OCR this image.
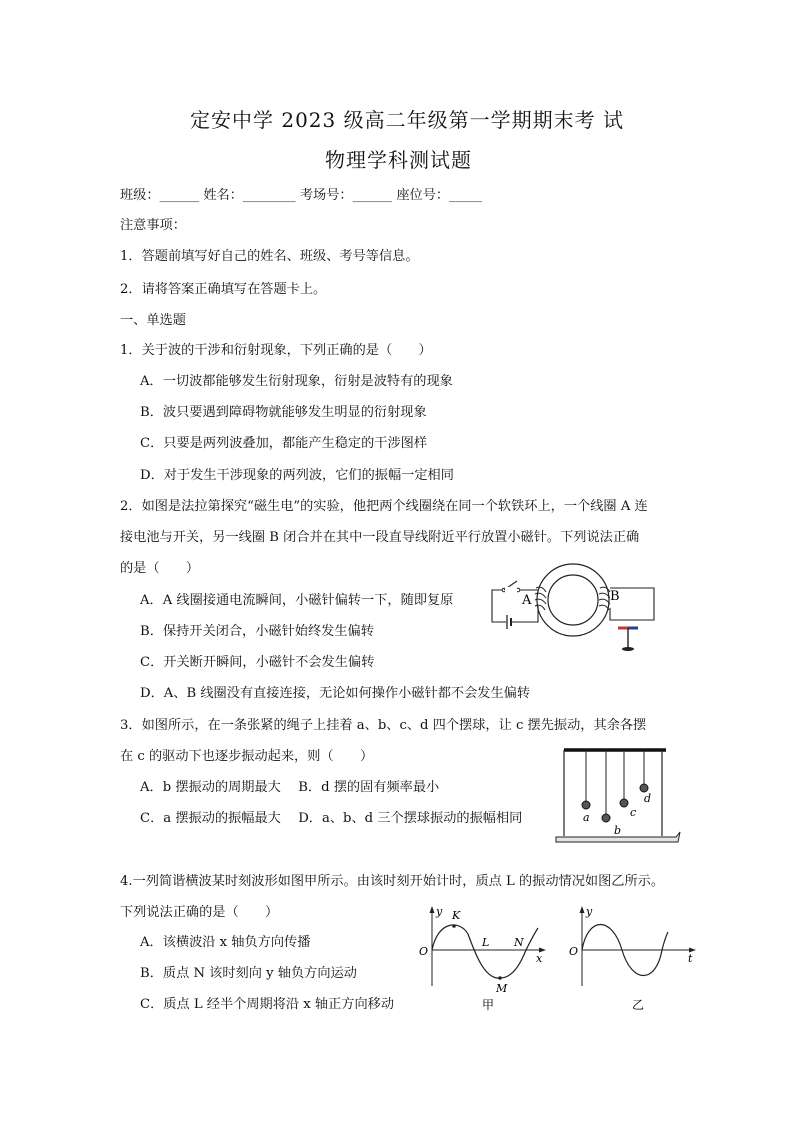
定安中学 2023 级高二年级第一学期期末考 试
物理学科测试题
班级：______ 姓名：________ 考场号：______ 座位号：_____
注意事项：
1．答题前填写好自己的姓名、班级、考号等信息。
2．请将答案正确填写在答题卡上。
一、单选题
1．关于波的干涉和衍射现象，下列正确的是（　　）
A．一切波都能够发生衍射现象，衍射是波特有的现象
B．波只要遇到障碍物就能够发生明显的衍射现象
C．只要是两列波叠加，都能产生稳定的干涉图样
D．对于发生干涉现象的两列波，它们的振幅一定相同
2．如图是法拉第探究“磁生电”的实验，他把两个线圈绕在同一个软铁环上，一个线圈 A 连
接电池与开关，另一线圈 B 闭合并在其中一段直导线附近平行放置小磁针。下列说法正确
的是（　　）
A．A 线圈接通电流瞬间，小磁针偏转一下，随即复原
B．保持开关闭合，小磁针始终发生偏转
C．开关断开瞬间，小磁针不会发生偏转
D．A、B 线圈没有直接连接，无论如何操作小磁针都不会发生偏转
A	B
3．如图所示，在一条张紧的绳子上挂着 a、b、c、d 四个摆球，让 c 摆先振动，其余各摆
在 c 的驱动下也逐步振动起来，则（　　）
A．b 摆振动的周期最大　 B．d 摆的固有频率最小
C．a 摆振动的振幅最大　 D．a、b、d 三个摆球振动的振幅相同	a
b
c
d
4.一列简谐横波某时刻波形如图甲所示。由该时刻开始计时，质点 L 的振动情况如图乙所示。
下列说法正确的是（　　）
A．该横波沿 x 轴负方向传播
B．质点 N 该时刻向 y 轴负方向运动
C．质点 L 经半个周期将沿 x 轴正方向移动
y
x
O
K
L N
M
甲
y
t
O
乙
